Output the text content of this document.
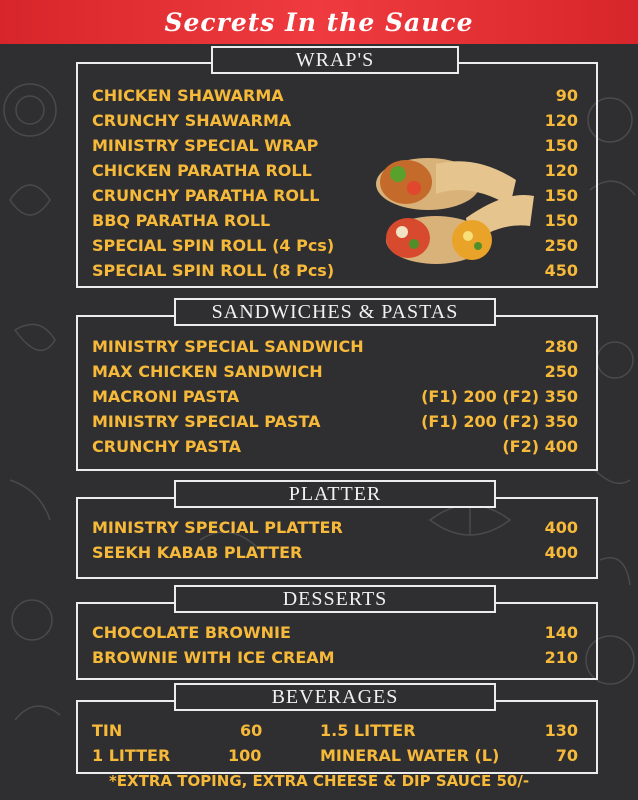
Secrets In the Sauce
WRAP'S
CHICKEN SHAWARMA	90
CRUNCHY SHAWARMA	120
MINISTRY SPECIAL WRAP	150
CHICKEN PARATHA ROLL	120
CRUNCHY PARATHA ROLL	150
BBQ PARATHA ROLL	150
SPECIAL SPIN ROLL (4 Pcs)	250
SPECIAL SPIN ROLL (8 Pcs)	450
SANDWICHES & PASTAS
MINISTRY SPECIAL SANDWICH	280
MAX CHICKEN SANDWICH	250
MACRONI PASTA	(F1) 200 (F2) 350
MINISTRY SPECIAL PASTA	(F1) 200 (F2) 350
CRUNCHY PASTA	(F2) 400
PLATTER
MINISTRY SPECIAL PLATTER	400
SEEKH KABAB PLATTER	400
DESSERTS
CHOCOLATE BROWNIE	140
BROWNIE WITH ICE CREAM	210
BEVERAGES
TIN	60	1.5 LITTER	130
1 LITTER	100	MINERAL WATER (L)	70
*EXTRA TOPING, EXTRA CHEESE & DIP SAUCE 50/-
